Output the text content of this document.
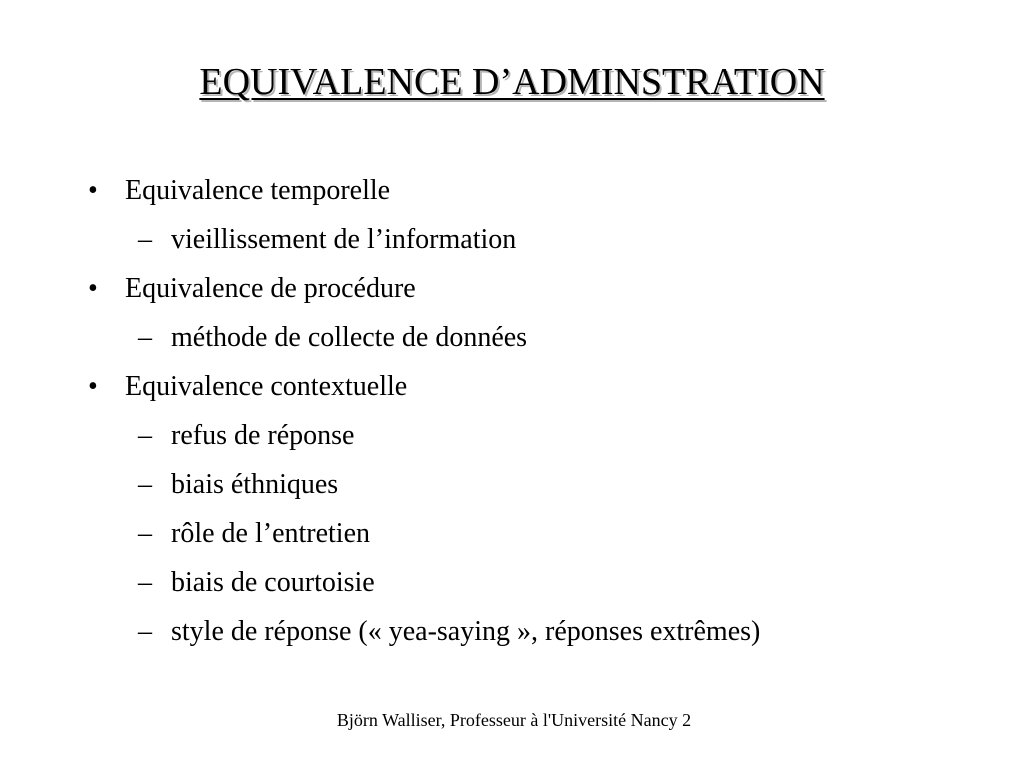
EQUIVALENCE D’ADMINSTRATION
• Equivalence temporelle
– vieillissement de l’information
• Equivalence de procédure
– méthode de collecte de données
• Equivalence contextuelle
– refus de réponse
– biais éthniques
– rôle de l’entretien
– biais de courtoisie
– style de réponse (« yea-saying », réponses extrêmes)
Björn Walliser, Professeur à l'Université Nancy 2
